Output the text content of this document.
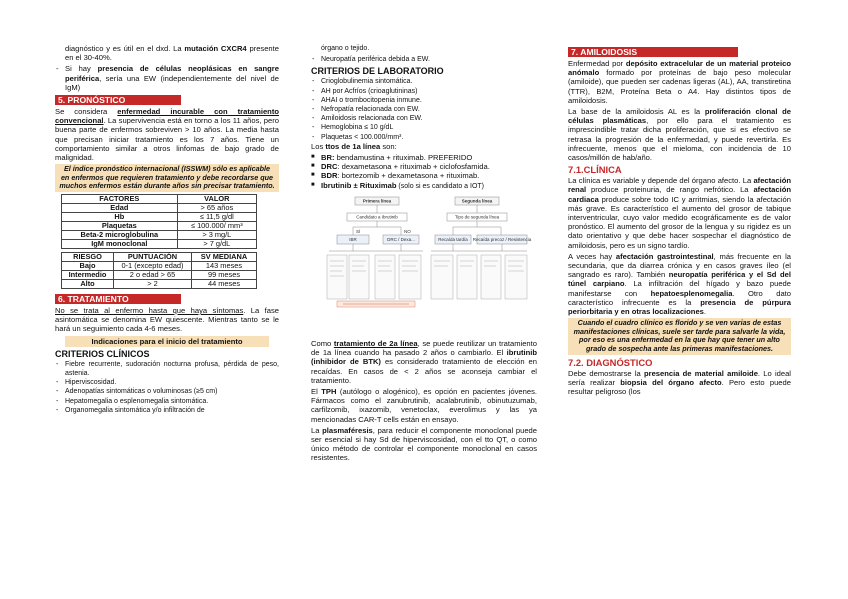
diagnóstico y es útil en el dxd. La mutación CXCR4 presente en el 30-40%.
- Si hay presencia de células neoplásicas en sangre periférica, sería una EW (independientemente del nivel de IgM)
5. PRONÓSTICO
Se considera enfermedad incurable con tratamiento convencional. La supervivencia está en torno a los 11 años, pero buena parte de enfermos sobreviven > 10 años. La media hasta que precisan iniciar tratamiento es los 7 años. Tiene un comportamiento similar a otros linfomas de bajo grado de malignidad.
El índice pronóstico internacional (ISSWM) sólo es aplicable en enfermos que requieren tratamiento y debe recordarse que muchos enfermos están durante años sin precisar tratamiento.
FACTORES	VALOR
Edad	> 65 años
Hb	≤ 11,5 g/dl
Plaquetas	≤ 100.000/ mm³
Beta-2 microglobulina	> 3 mg/L
IgM monoclonal	> 7 g/dL
RIESGO	PUNTUACIÓN	SV MEDIANA
Bajo	0-1 (excepto edad)	143 meses
Intermedio	2 o edad > 65	99 meses
Alto	> 2	44 meses
6. TRATAMIENTO
No se trata al enfermo hasta que haya síntomas. La fase asintomática se denomina EW quiescente. Mientras tanto se le hará un seguimiento cada 4-6 meses.
Indicaciones para el inicio del tratamiento
CRITERIOS CLÍNICOS
- Fiebre recurrente, sudoración nocturna profusa, pérdida de peso, astenia.
- Hiperviscosidad.
- Adenopatías sintomáticas o voluminosas (≥5 cm)
- Hepatomegalia o esplenomegalia sintomática.
- Organomegalia sintomática y/o infiltración de
órgano o tejido.
- Neuropatía periférica debida a EW.
CRITERIOS DE LABORATORIO
- Crioglobulinemia sintomática.
- AH por Acfríos (crioaglutininas)
- AHAI o trombocitopenia inmune.
- Nefropatía relacionada con EW.
- Amiloidosis relacionada con EW.
- Hemoglobina ≤ 10 g/dL
- Plaquetas < 100.000/mm³.
Los ttos de 1a línea son:
■ BR: bendamustina + rituximab. PREFERIDO
■ DRC: dexametasona + rituximab + ciclofosfamida.
■ BDR: bortezomib + dexametasona + rituximab.
■ Ibrutinib ± Rituximab (solo si es candidato a IOT)
Primera línea	Segunda línea
Candidato a Ibrutinib	Tipo de segunda línea
SÍ	NO
IBR	DRC / Dexa...	Recaída tardía Recaída precoz / Resistencia
Como tratamiento de 2a línea, se puede reutilizar un tratamiento de 1a línea cuando ha pasado 2 años o cambiarlo. El ibrutinib (inhibidor de BTK) es considerado tratamiento de elección en recaídas. En casos de < 2 años se aconseja cambiar el tratamiento.
El TPH (autólogo o alogénico), es opción en pacientes jóvenes. Fármacos como el zanubrutinib, acalabrutinib, obinutuzumab, carfilzomib, ixazomib, venetoclax, everolimus y las ya mencionadas CAR-T cells están en ensayo.
La plasmaféresis, para reducir el componente monoclonal puede ser esencial si hay Sd de hiperviscosidad, con el tto QT, o como único método de controlar el componente monoclonal en casos resistentes.
7. AMILOIDOSIS
Enfermedad por depósito extracelular de un material proteico anómalo formado por proteínas de bajo peso molecular (amiloide), que pueden ser cadenas ligeras (AL), AA, transtiretina (TTR), B2M, Proteína Beta o A4. Hay distintos tipos de amiloidosis.
La base de la amiloidosis AL es la proliferación clonal de células plasmáticas, por ello para el tratamiento es imprescindible tratar dicha proliferación, que si es efectivo se retrasa la progresión de la enfermedad, y puede revertirla. Es infrecuente, menos que el mieloma, con incidencia de 10 casos/millón de hab/año.
7.1.CLÍNICA
La clínica es variable y depende del órgano afecto. La afectación renal produce proteinuria, de rango nefrótico. La afectación cardiaca produce sobre todo IC y arritmias, siendo la afectación más grave. Es característico el aumento del grosor de tabique interventricular, cuyo valor medido ecográficamente es de valor pronóstico. El aumento del grosor de la lengua y su rigidez es un dato orientativo y que debe hacer sospechar el diagnóstico de amiloidosis, pero es un signo tardío.
A veces hay afectación gastrointestinal, más frecuente en la secundaria, que da diarrea crónica y en casos graves íleo (el sangrado es raro). También neuropatía periférica y el Sd del túnel carpiano. La infiltración del hígado y bazo puede manifestarse con hepatoesplenomegalia. Otro dato característico infrecuente es la presencia de púrpura periorbitaria y en otras localizaciones.
Cuando el cuadro clínico es florido y se ven varias de estas manifestaciones clínicas, suele ser tarde para salvarle la vida, por eso es una enfermedad en la que hay que tener un alto grado de sospecha ante las primeras manifestaciones.
7.2. DIAGNÓSTICO
Debe demostrarse la presencia de material amiloide. Lo ideal sería realizar biopsia del órgano afecto. Pero esto puede resultar peligroso (los
